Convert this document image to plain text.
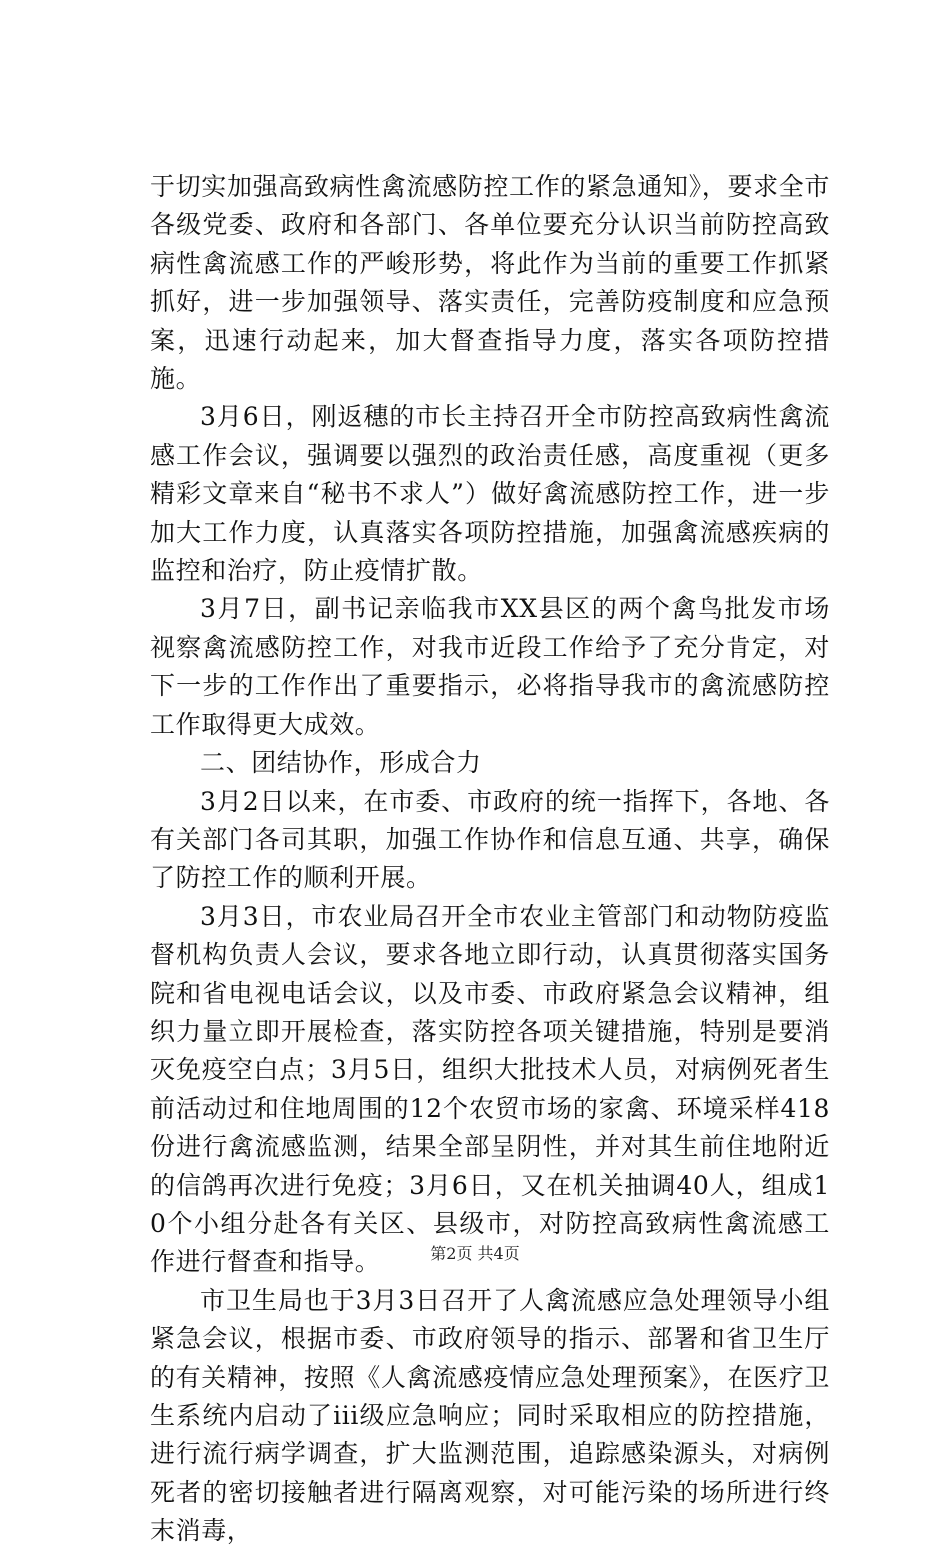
于切实加强高致病性禽流感防控工作的紧急通知》，要求全市各级党委、政府和各部门、各单位要充分认识当前防控高致病性禽流感工作的严峻形势，将此作为当前的重要工作抓紧抓好，进一步加强领导、落实责任，完善防疫制度和应急预案，迅速行动起来，加大督查指导力度，落实各项防控措施。

3月6日，刚返穗的市长主持召开全市防控高致病性禽流感工作会议，强调要以强烈的政治责任感，高度重视（更多精彩文章来自“秘书不求人”）做好禽流感防控工作，进一步加大工作力度，认真落实各项防控措施，加强禽流感疾病的监控和治疗，防止疫情扩散。

3月7日，副书记亲临我市XX县区的两个禽鸟批发市场视察禽流感防控工作，对我市近段工作给予了充分肯定，对下一步的工作作出了重要指示，必将指导我市的禽流感防控工作取得更大成效。

二、团结协作，形成合力

3月2日以来，在市委、市政府的统一指挥下，各地、各有关部门各司其职，加强工作协作和信息互通、共享，确保了防控工作的顺利开展。

3月3日，市农业局召开全市农业主管部门和动物防疫监督机构负责人会议，要求各地立即行动，认真贯彻落实国务院和省电视电话会议，以及市委、市政府紧急会议精神，组织力量立即开展检查，落实防控各项关键措施，特别是要消灭免疫空白点；3月5日，组织大批技术人员，对病例死者生前活动过和住地周围的12个农贸市场的家禽、环境采样418份进行禽流感监测，结果全部呈阴性，并对其生前住地附近的信鸽再次进行免疫；3月6日，又在机关抽调40人，组成10个小组分赴各有关区、县级市，对防控高致病性禽流感工作进行督查和指导。

市卫生局也于3月3日召开了人禽流感应急处理领导小组紧急会议，根据市委、市政府领导的指示、部署和省卫生厅的有关精神，按照《人禽流感疫情应急处理预案》，在医疗卫生系统内启动了iii级应急响应；同时采取相应的防控措施，进行流行病学调查，扩大监测范围，追踪感染源头，对病例死者的密切接触者进行隔离观察，对可能污染的场所进行终末消毒，

第2页 共4页
